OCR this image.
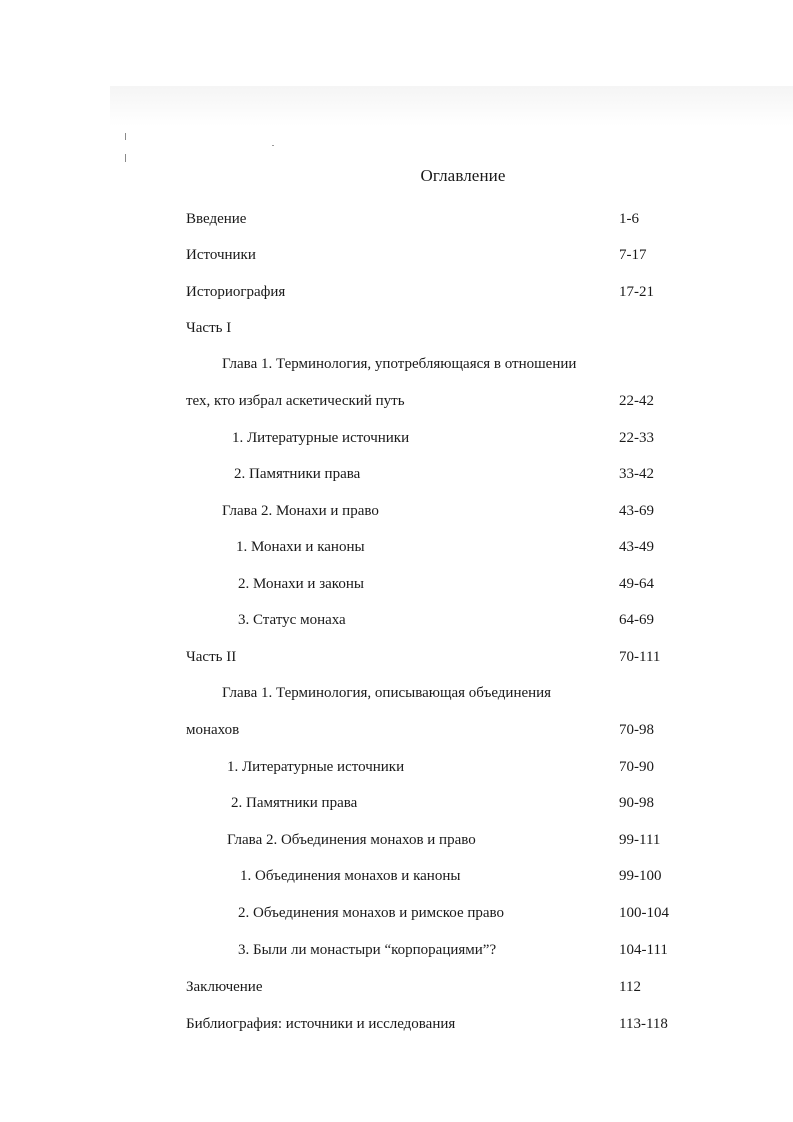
Оглавление
Введение	1-6
Источники	7-17
Историография	17-21
Часть I
Глава 1. Терминология, употребляющаяся в отношении
тех, кто избрал аскетический путь	22-42
1. Литературные источники	22-33
2. Памятники права	33-42
Глава 2. Монахи и право	43-69
1. Монахи и каноны	43-49
2. Монахи и законы	49-64
3. Статус монаха	64-69
Часть II	70-111
Глава 1. Терминология, описывающая объединения
монахов	70-98
1. Литературные источники	70-90
2. Памятники права	90-98
Глава 2. Объединения монахов и право	99-111
1. Объединения монахов и каноны	99-100
2. Объединения монахов и римское право	100-104
3. Были ли монастыри “корпорациями”?	104-111
Заключение	112
Библиография: источники и исследования	113-118
